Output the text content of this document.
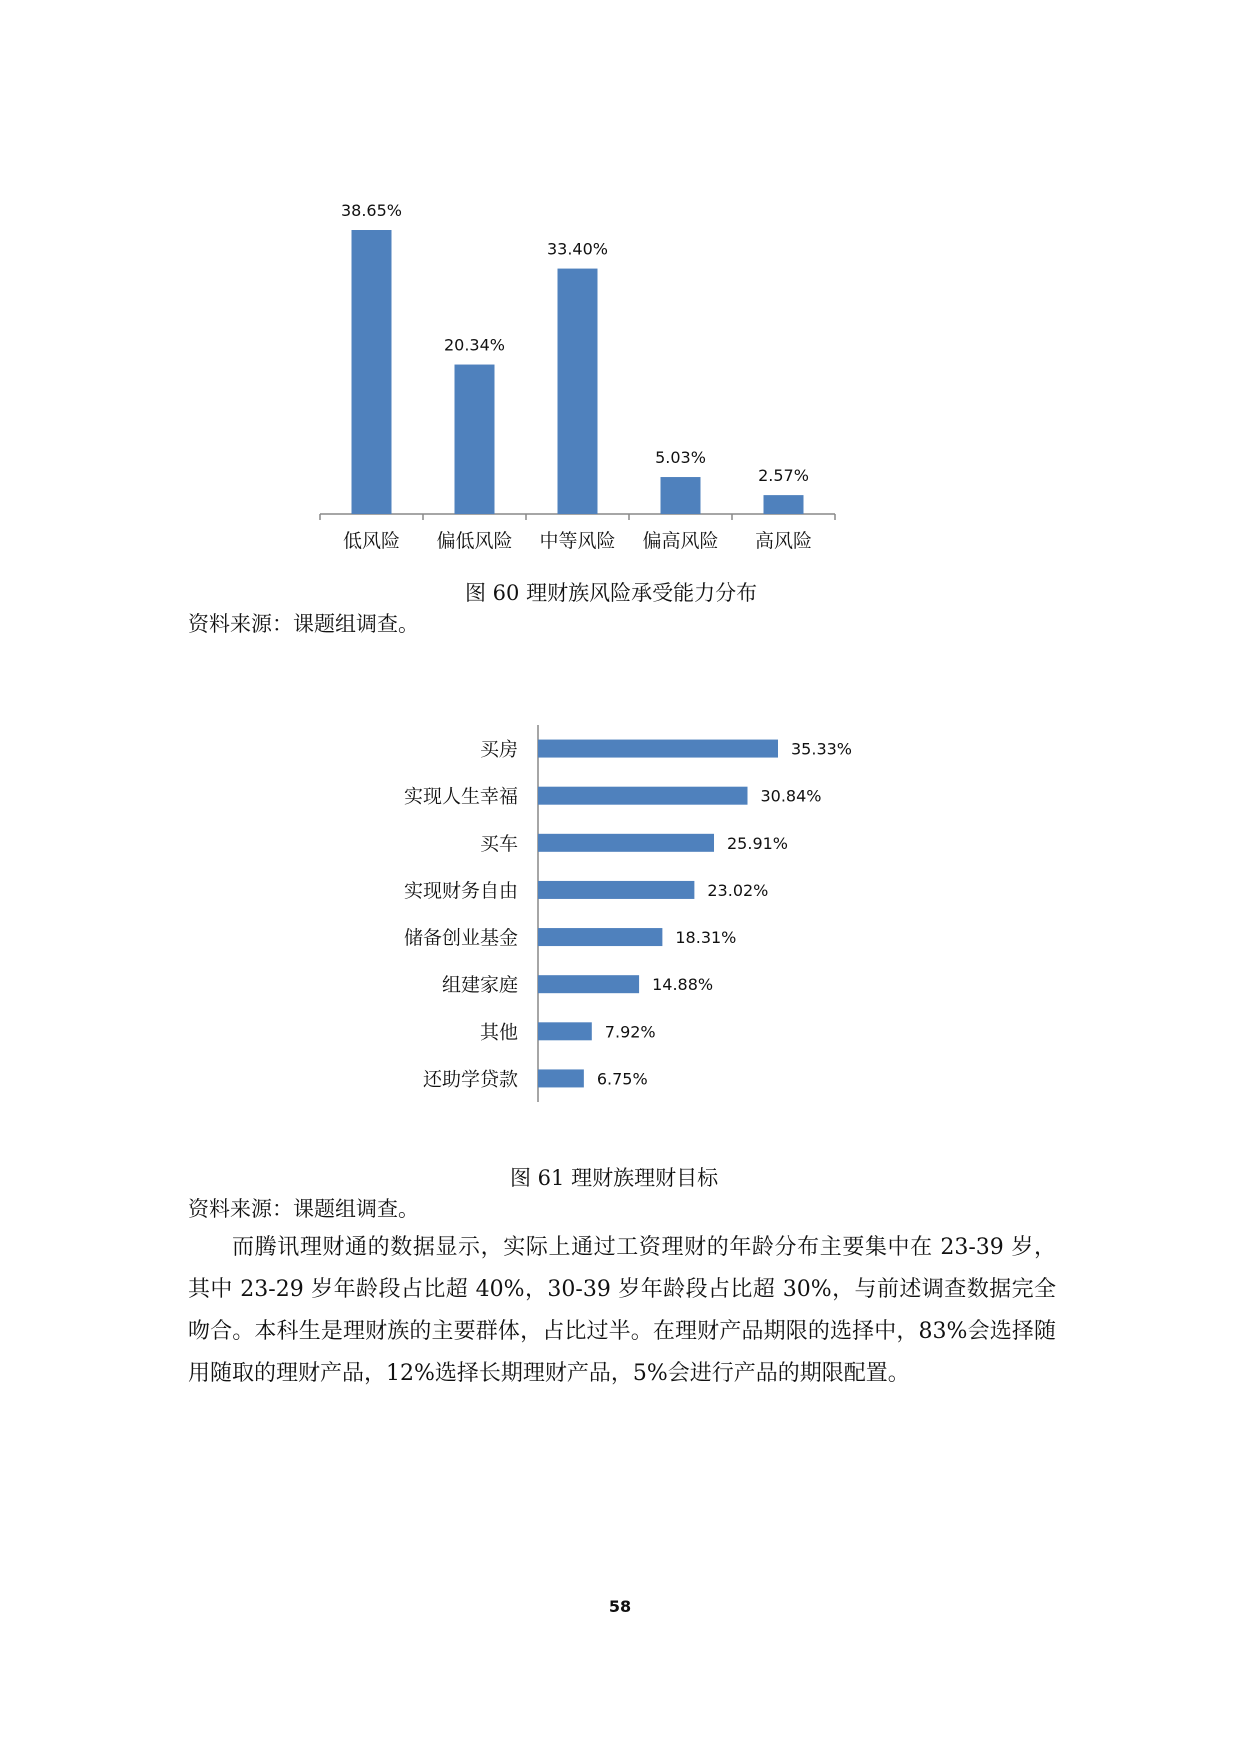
38.65%
低风险
20.34%
偏低风险
33.40%
中等风险
5.03%
偏高风险
2.57%
高风险
图 60 理财族风险承受能力分布
资料来源：课题组调查。
35.33%
买房
30.84%
实现人生幸福
25.91%
买车
23.02%
实现财务自由
18.31%
储备创业基金
14.88%
组建家庭
7.92%
其他
6.75%
还助学贷款
图 61 理财族理财目标
资料来源：课题组调查。

而腾讯理财通的数据显示，实际上通过工资理财的年龄分布主要集中在 23-39 岁，其中 23-29 岁年龄段占比超 40%，30-39 岁年龄段占比超 30%，与前述调查数据完全吻合。本科生是理财族的主要群体，占比过半。在理财产品期限的选择中，83%会选择随用随取的理财产品，12%选择长期理财产品，5%会进行产品的期限配置。

58
